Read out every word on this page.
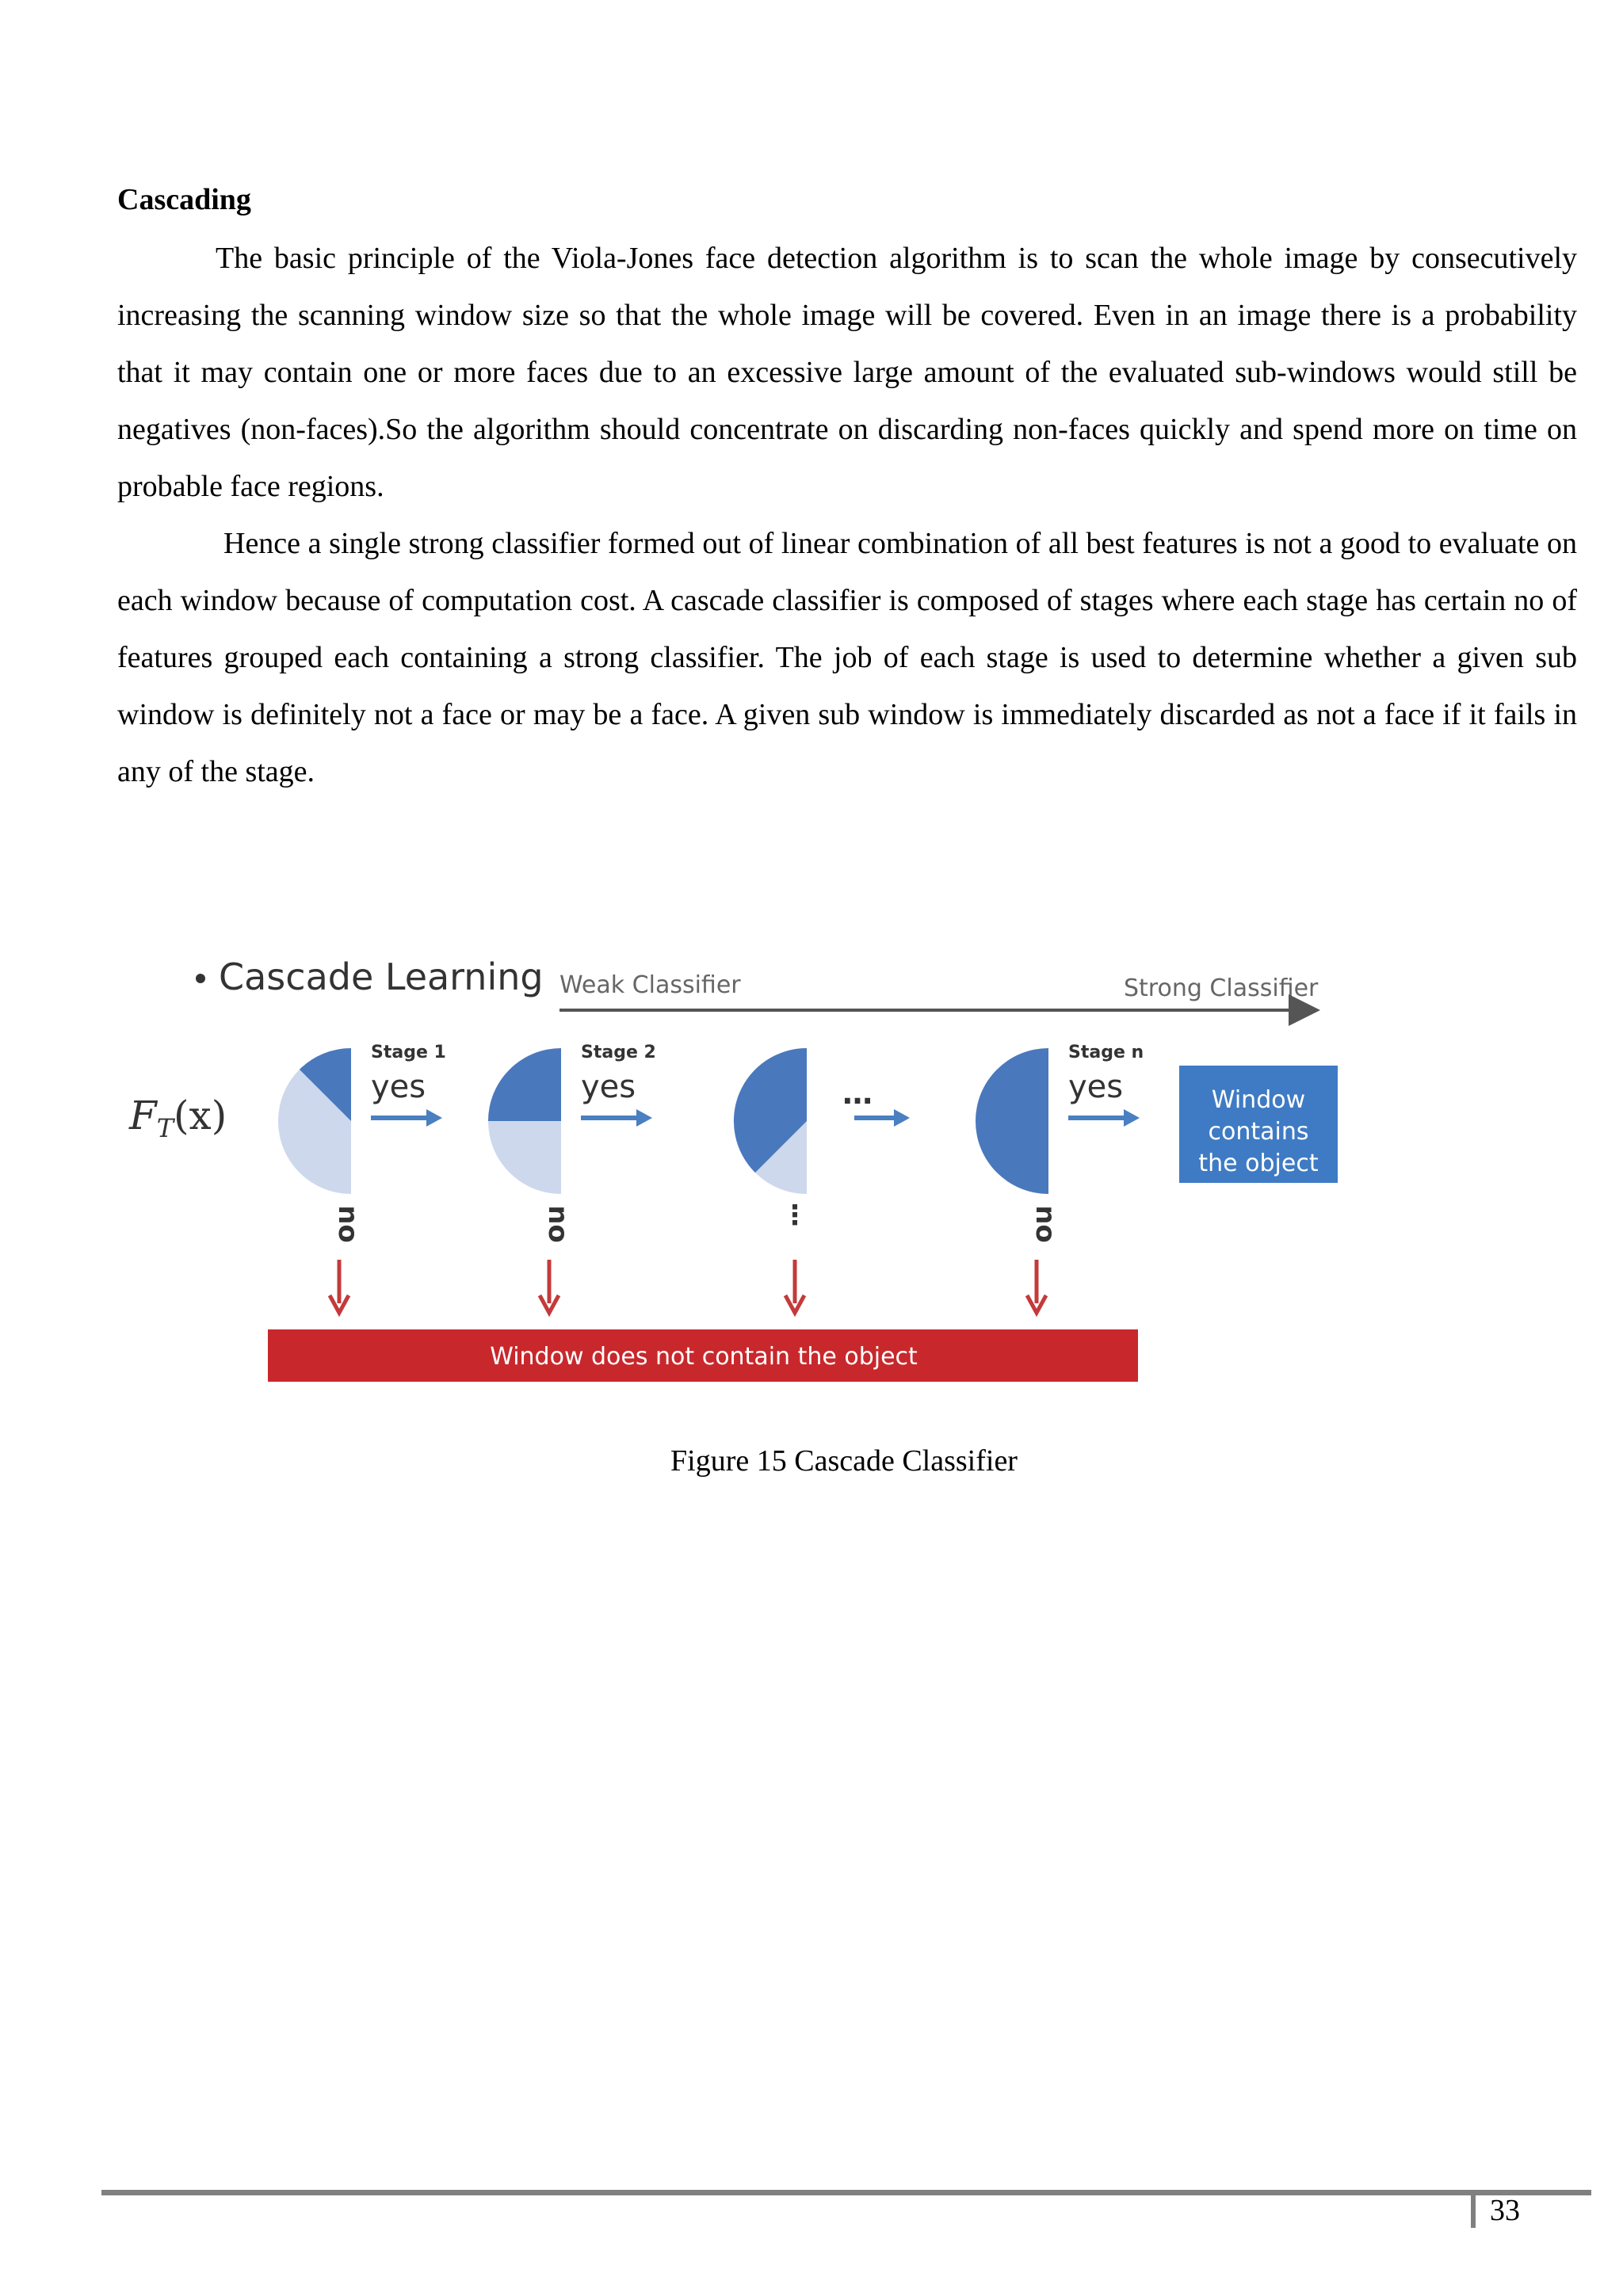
Cascading

The basic principle of the Viola-Jones face detection algorithm is to scan the whole image by consecutively increasing the scanning window size so that the whole image will be covered. Even in an image there is a probability that it may contain one or more faces due to an excessive large amount of the evaluated sub-windows would still be negatives (non-faces).So the algorithm should concentrate on discarding non-faces quickly and spend more on time on probable face regions.

Hence a single strong classifier formed out of linear combination of all best features is not a good to evaluate on each window because of computation cost. A cascade classifier is composed of stages where each stage has certain no of features grouped each containing a strong classifier. The job of each stage is used to determine whether a given sub window is definitely not a face or may be a face. A given sub window is immediately discarded as not a face if it fails in any of the stage.

Cascade Learning Weak Classifier	Strong Classifier
$F_T(x)$
Stage 1
yes
no
Stage 2
yes
no
…
⋮
Stage n
yes
no
Window
contains
the object
Window does not contain the object

Figure 15 Cascade Classifier

33
